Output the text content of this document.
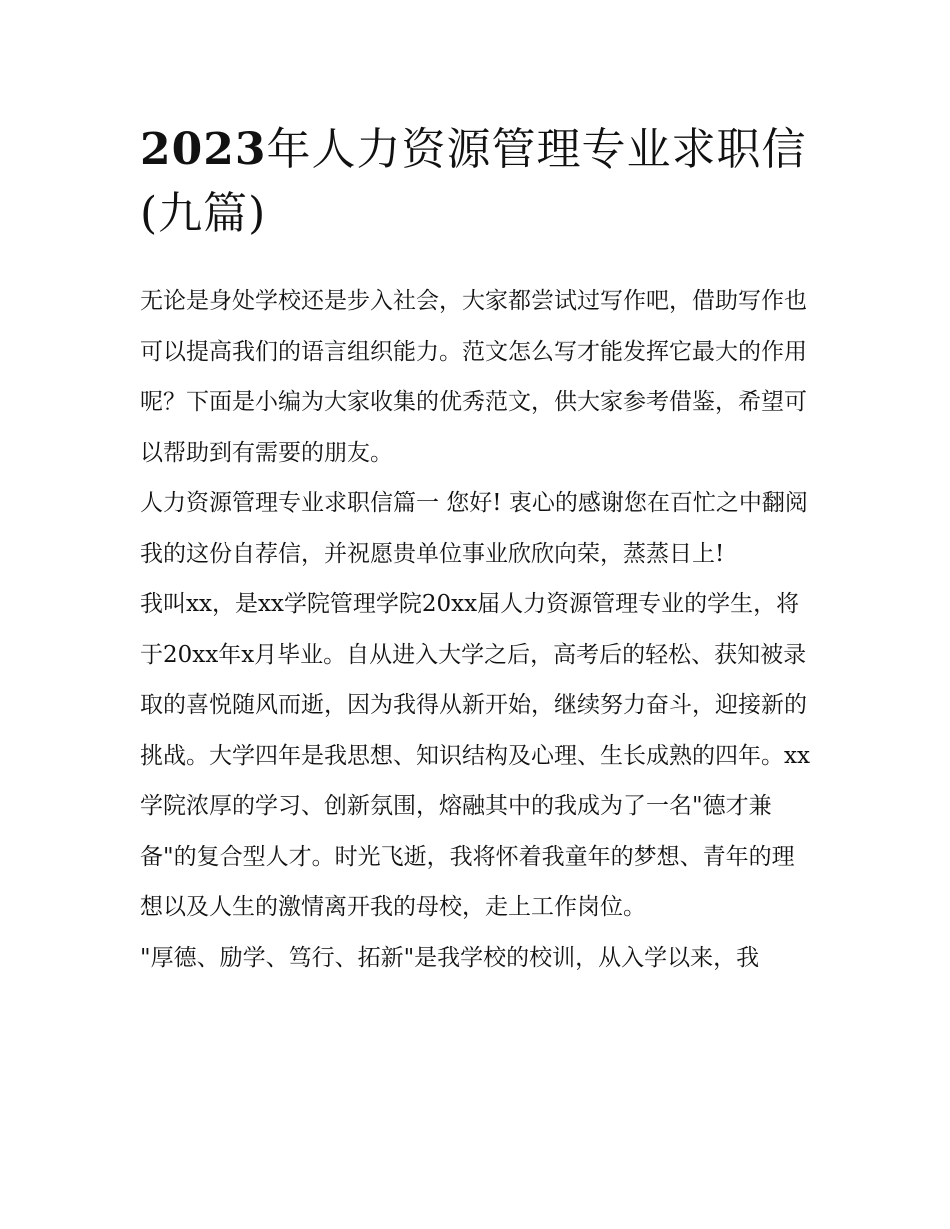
2023年人力资源管理专业求职信(九篇)

无论是身处学校还是步入社会，大家都尝试过写作吧，借助写作也可以提高我们的语言组织能力。范文怎么写才能发挥它最大的作用呢？下面是小编为大家收集的优秀范文，供大家参考借鉴，希望可以帮助到有需要的朋友。

人力资源管理专业求职信篇一 您好! 衷心的感谢您在百忙之中翻阅我的这份自荐信，并祝愿贵单位事业欣欣向荣，蒸蒸日上!

我叫xx，是xx学院管理学院20xx届人力资源管理专业的学生，将于20xx年x月毕业。自从进入大学之后，高考后的轻松、获知被录取的喜悦随风而逝，因为我得从新开始，继续努力奋斗，迎接新的挑战。大学四年是我思想、知识结构及心理、生长成熟的四年。xx学院浓厚的学习、创新氛围，熔融其中的我成为了一名"德才兼备"的复合型人才。时光飞逝，我将怀着我童年的梦想、青年的理想以及人生的激情离开我的母校，走上工作岗位。

"厚德、励学、笃行、拓新"是我学校的校训，从入学以来，我
